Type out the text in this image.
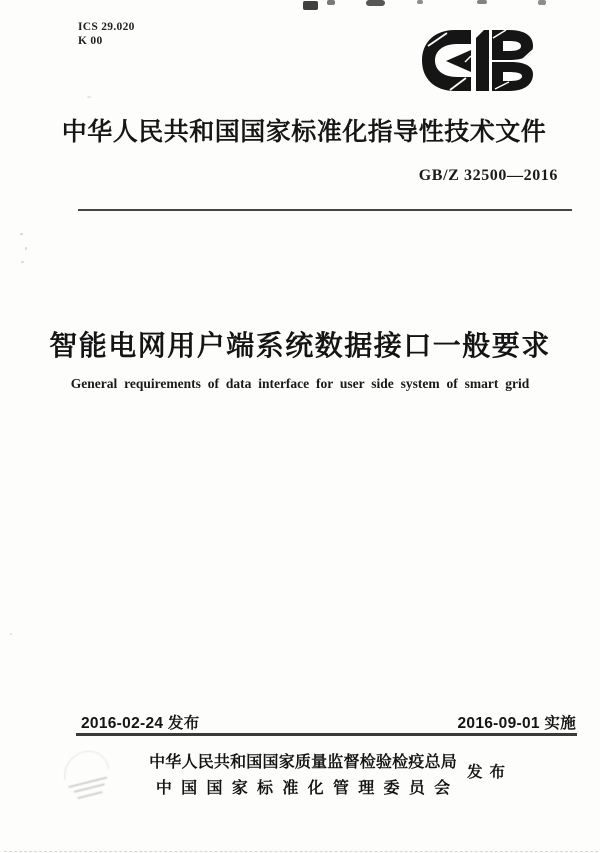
ICS 29.020
K 00
中华人民共和国国家标准化指导性技术文件
GB/Z 32500—2016
智能电网用户端系统数据接口一般要求
General requirements of data interface for user side system of smart grid
2016-02-24 发布	2016-09-01 实施
中华人民共和国国家质量监督检验检疫总局
中国国家标准化管理委员会
发布
